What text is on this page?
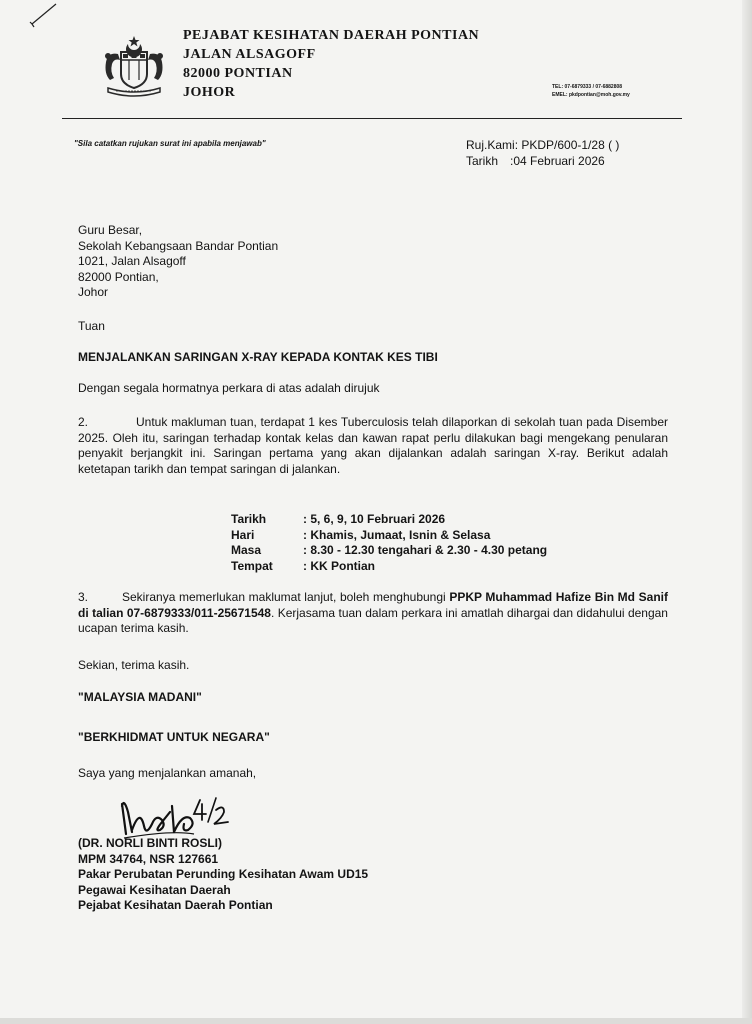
PEJABAT KESIHATAN DAERAH PONTIAN
JALAN ALSAGOFF
82000 PONTIAN
JOHOR	TEL: 07-6879333 / 07-6882808
EMEL: pkdpontian@moh.gov.my
"Sila catatkan rujukan surat ini apabila menjawab"	Ruj.Kami: PKDP/600-1/28 ( )
Tarikh :04 Februari 2026
Guru Besar,
Sekolah Kebangsaan Bandar Pontian
1021, Jalan Alsagoff
82000 Pontian,
Johor
Tuan
MENJALANKAN SARINGAN X-RAY KEPADA KONTAK KES TIBI
Dengan segala hormatnya perkara di atas adalah dirujuk
2.	Untuk makluman tuan, terdapat 1 kes Tuberculosis telah dilaporkan di sekolah tuan pada Disember 2025. Oleh itu, saringan terhadap kontak kelas dan kawan rapat perlu dilakukan bagi mengekang penularan penyakit berjangkit ini. Saringan pertama yang akan dijalankan adalah saringan X-ray. Berikut adalah ketetapan tarikh dan tempat saringan di jalankan.
Tarikh	: 5, 6, 9, 10 Februari 2026
Hari	: Khamis, Jumaat, Isnin & Selasa
Masa	: 8.30 - 12.30 tengahari & 2.30 - 4.30 petang
Tempat	: KK Pontian
3.	Sekiranya memerlukan maklumat lanjut, boleh menghubungi PPKP Muhammad Hafize Bin Md Sanif di talian 07-6879333/011-25671548. Kerjasama tuan dalam perkara ini amatlah dihargai dan didahului dengan ucapan terima kasih.
Sekian, terima kasih.
"MALAYSIA MADANI"
"BERKHIDMAT UNTUK NEGARA"
Saya yang menjalankan amanah,
(DR. NORLI BINTI ROSLI)
MPM 34764, NSR 127661
Pakar Perubatan Perunding Kesihatan Awam UD15
Pegawai Kesihatan Daerah
Pejabat Kesihatan Daerah Pontian
